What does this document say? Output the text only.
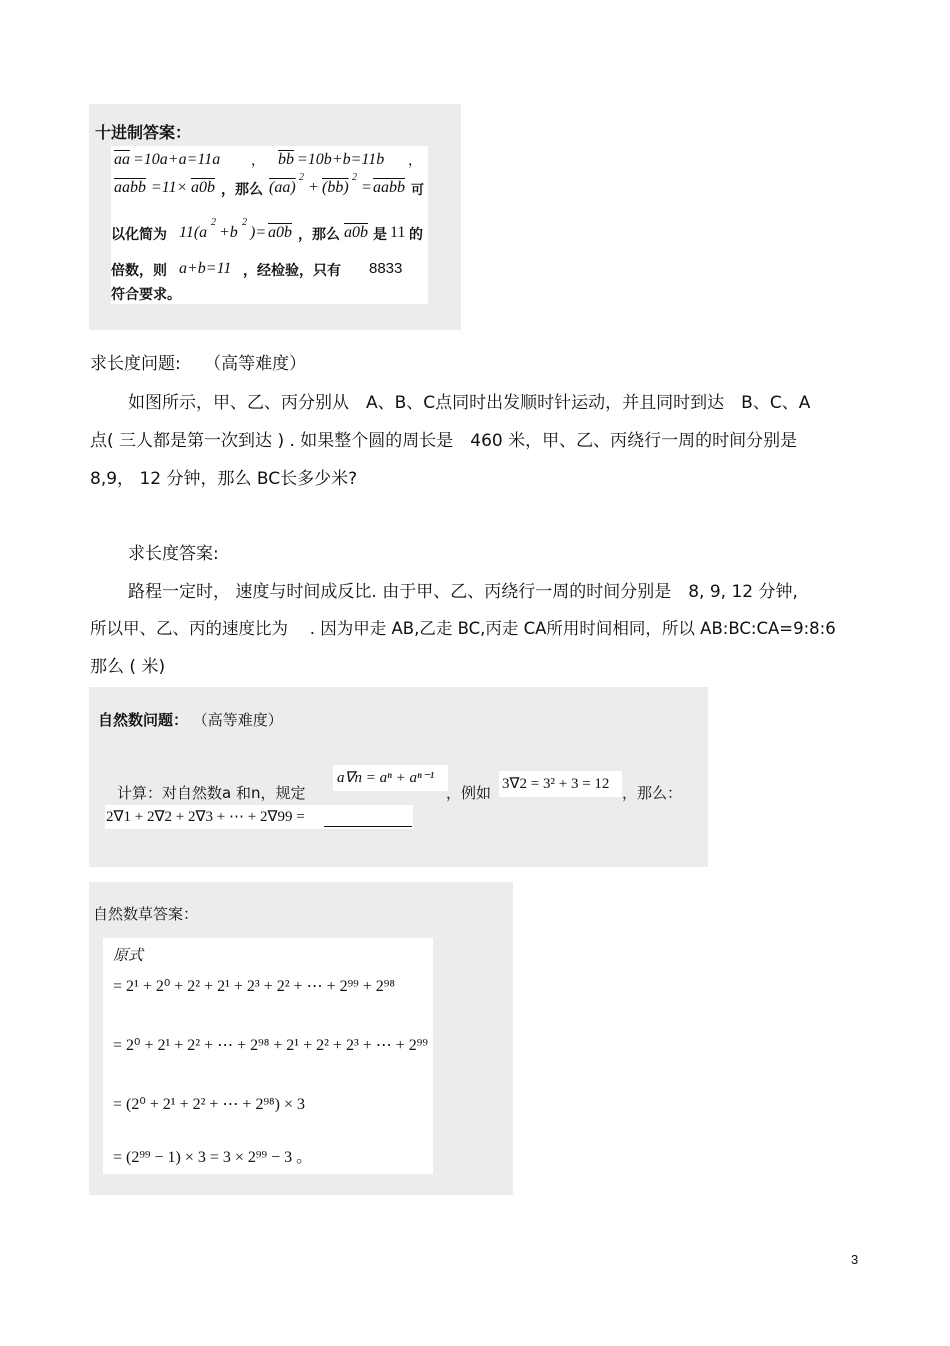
十进制答案：
$\overline{aa} =10a+a=11a$ ， $\overline{bb} =10b+b=11b$ ，
aabb =11× a0b ，那么 (aa)
2
+ (bb)
2
= aabb 可
以化简为 11(a
2
+b
2
)= a0b ，那么 a0b 是 11 的
倍数，则 a+b=11 ，经检验，只有 8833
符合要求。
求长度问题: （高等难度）
如图所示，甲、乙、丙分别从　A、B、C点同时出发顺时针运动，并且同时到达　B、C、A
点( 三人都是第一次到达 ) . 如果整个圆的周长是　460 米，甲、乙、丙绕行一周的时间分别是
8,9， 12 分钟，那么 BC长多少米?
求长度答案:
路程一定时， 速度与时间成反比. 由于甲、乙、丙绕行一周的时间分别是　8, 9, 12 分钟,
所以甲、乙、丙的速度比为　 . 因为甲走 AB,乙走 BC,丙走 CA所用时间相同，所以 AB:BC:CA=9:8:6
那么 ( 米)
自然数问题： （高等难度）
计算：对自然数a 和n，规定
a∇n = aⁿ + aⁿ⁻¹
，例如 3∇2 = 3² + 3 = 12 ，那么：
2∇1 + 2∇2 + 2∇3 + ⋯ + 2∇99 =
自然数草答案：
原式
= 2¹ + 2⁰ + 2² + 2¹ + 2³ + 2² + ⋯ + 2⁹⁹ + 2⁹⁸
= 2⁰ + 2¹ + 2² + ⋯ + 2⁹⁸ + 2¹ + 2² + 2³ + ⋯ + 2⁹⁹
= (2⁰ + 2¹ + 2² + ⋯ + 2⁹⁸) × 3
= (2⁹⁹ − 1) × 3 = 3 × 2⁹⁹ − 3 。
3
